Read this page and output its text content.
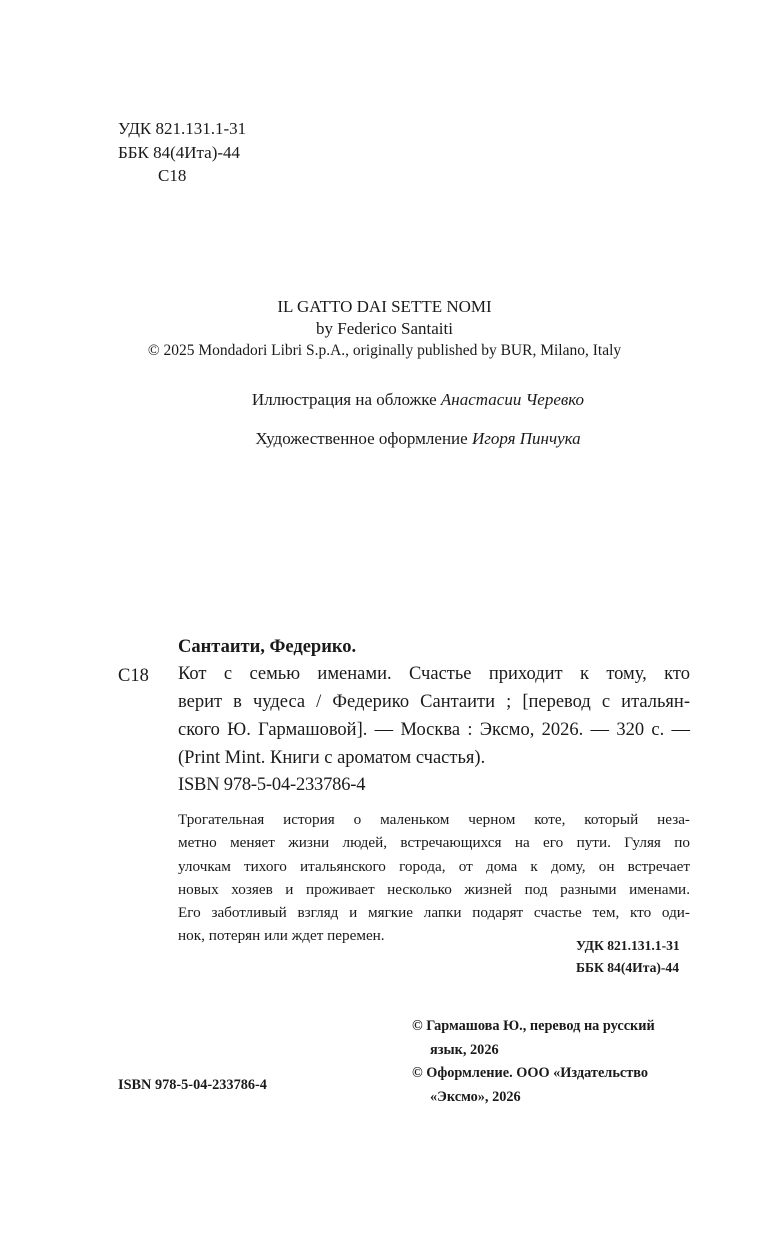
УДК 821.131.1-31
ББК 84(4Ита)-44
С18
IL GATTO DAI SETTE NOMI
by Federico Santaiti
© 2025 Mondadori Libri S.p.A., originally published by BUR, Milano, Italy
Иллюстрация на обложке Анастасии Черевко
Художественное оформление Игоря Пинчука
Сантаити, Федерико.
С18 Кот с семью именами. Счастье приходит к тому, кто
верит в чудеса / Федерико Сантаити ; [перевод с итальян-
ского Ю. Гармашовой]. — Москва : Эксмо, 2026. — 320 с. —
(Print Mint. Книги с ароматом счастья).
ISBN 978-5-04-233786-4
Трогательная история о маленьком черном коте, который неза-
метно меняет жизни людей, встречающихся на его пути. Гуляя по
улочкам тихого итальянского города, от дома к дому, он встречает
новых хозяев и проживает несколько жизней под разными именами.
Его заботливый взгляд и мягкие лапки подарят счастье тем, кто оди-
нок, потерян или ждет перемен.
УДК 821.131.1-31
ББК 84(4Ита)-44
© Гармашова Ю., перевод на русский
язык, 2026
© Оформление. ООО «Издательство
«Эксмо», 2026
ISBN 978-5-04-233786-4
